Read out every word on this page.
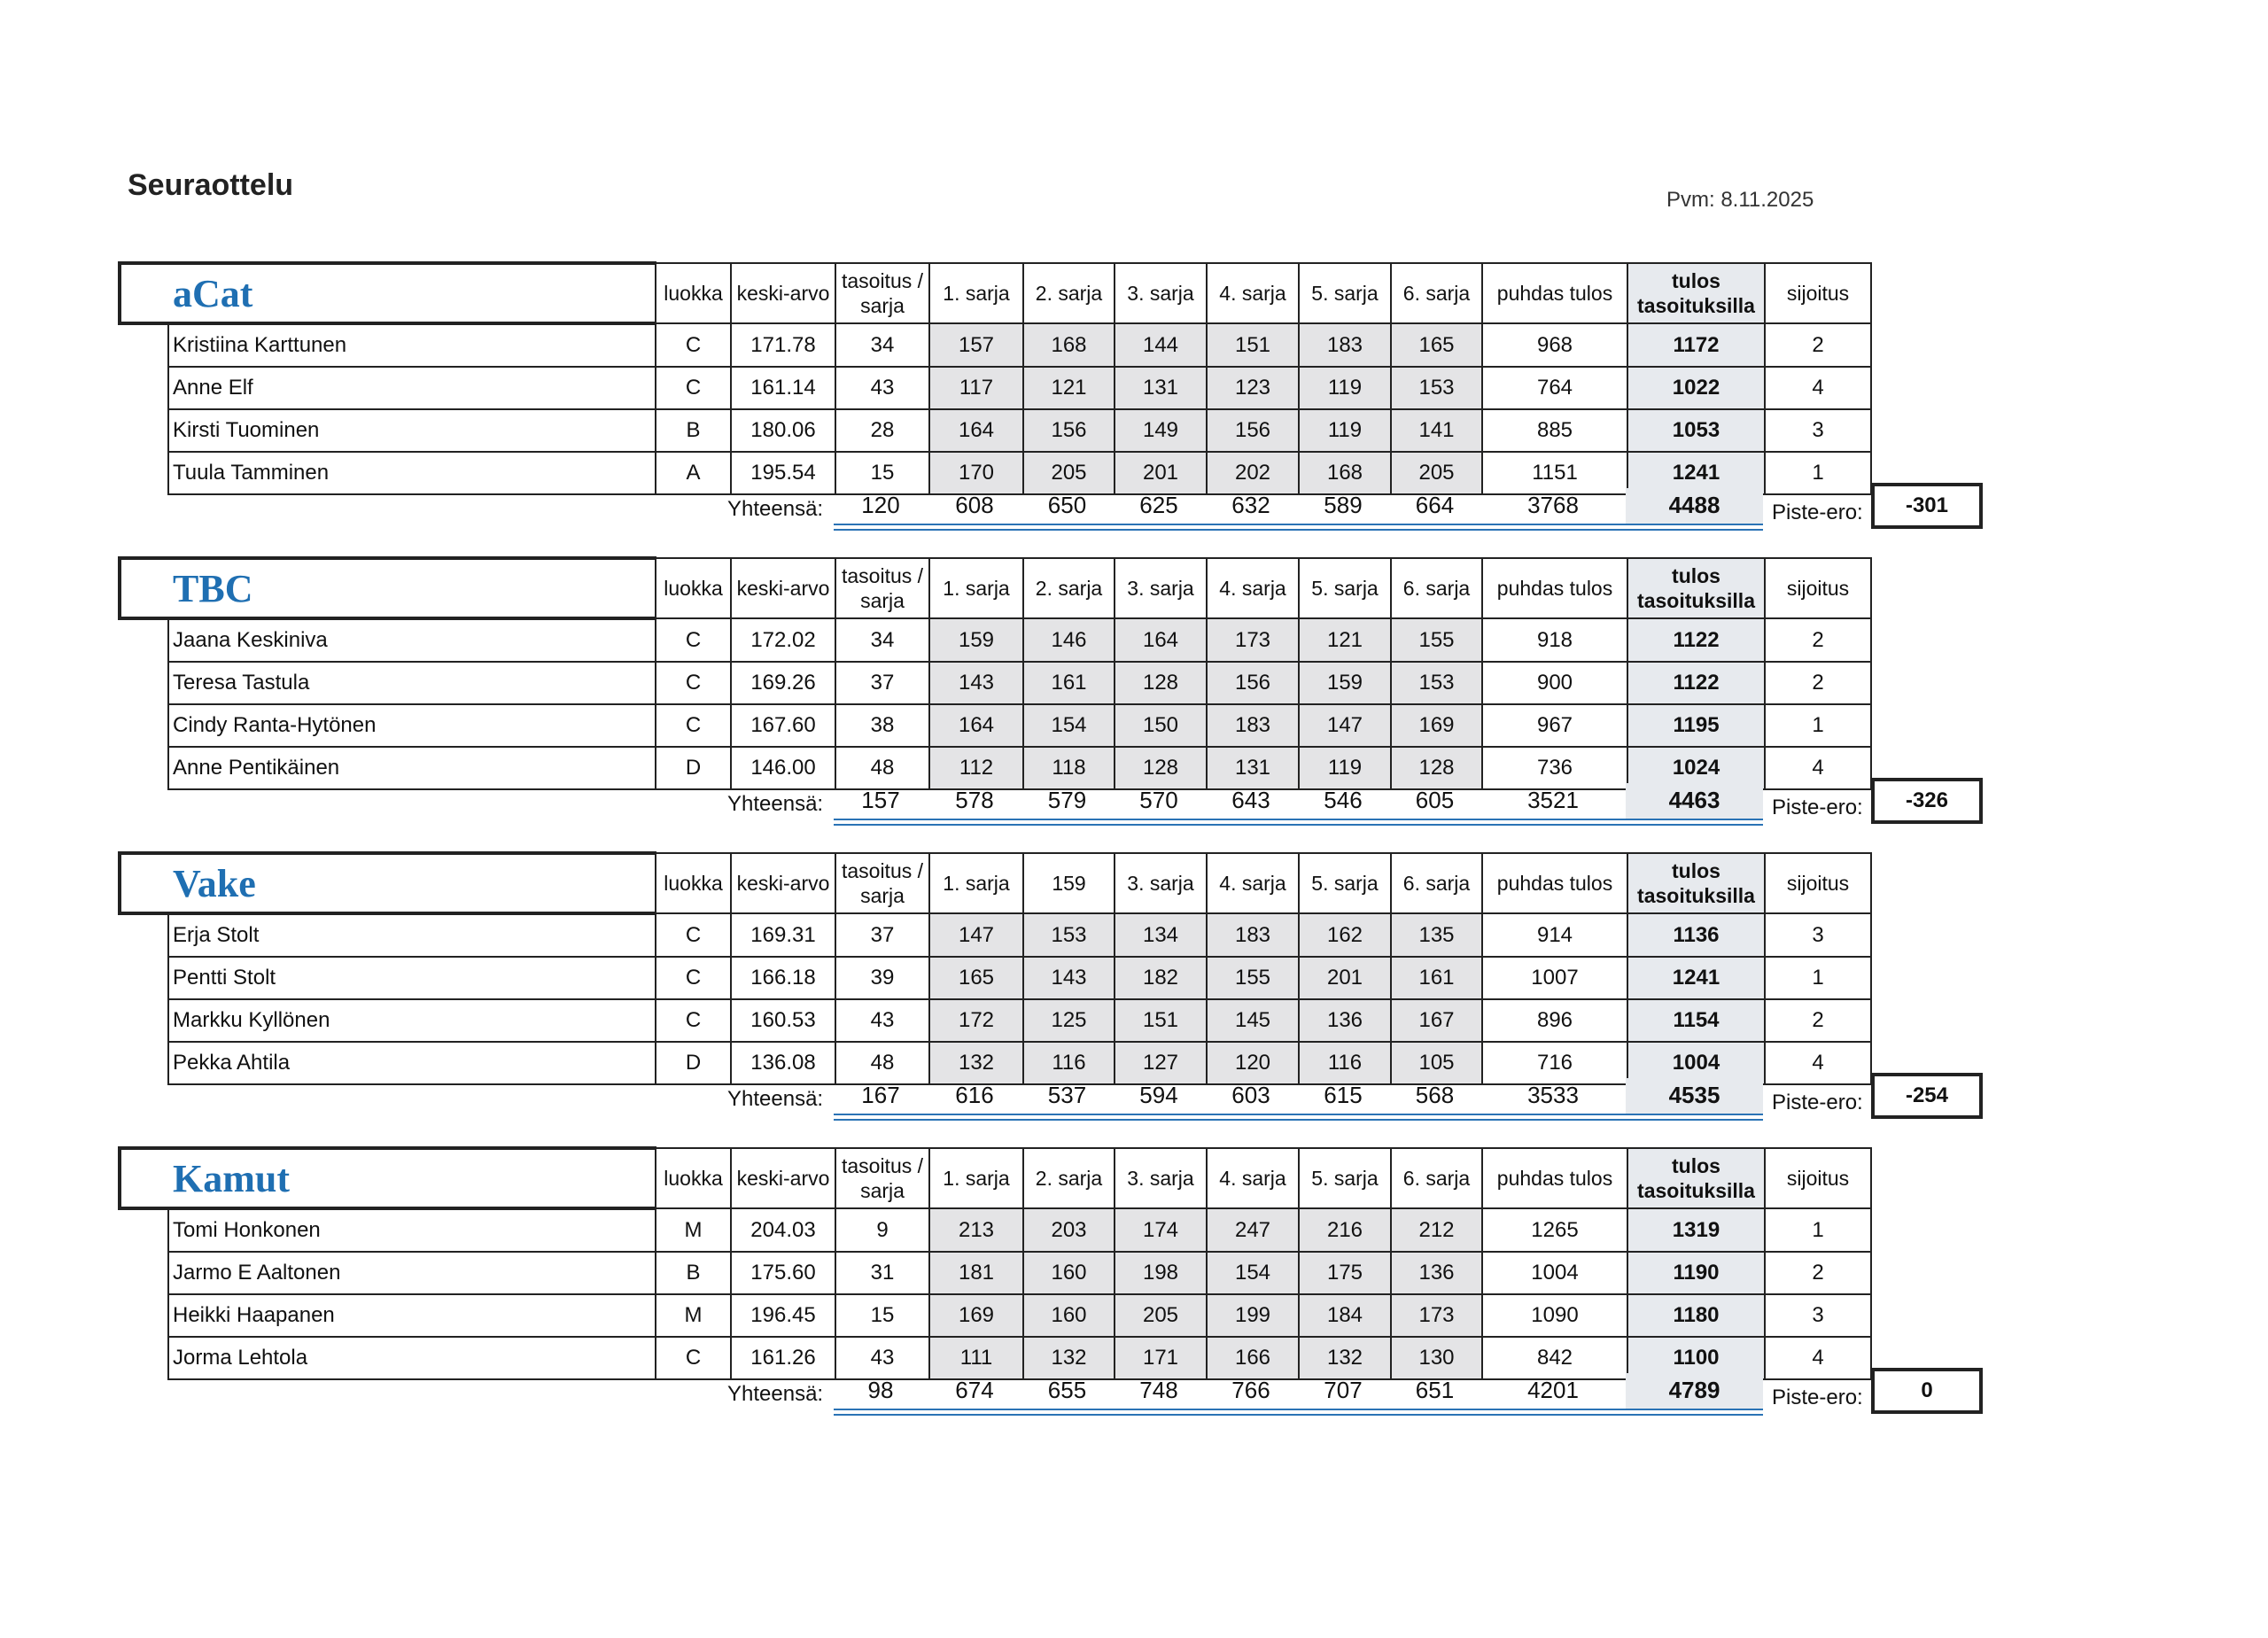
Seuraottelu	Pvm: 8.11.2025
aCat		luokka	keski-arvo	tasoitus / sarja	1. sarja	2. sarja	3. sarja	4. sarja	5. sarja	6. sarja	puhdas tulos	tulos tasoituksilla	sijoitus
	Kristiina Karttunen	C	171.78	34	157	168	144	151	183	165	968	1172	2
	Anne Elf	C	161.14	43	117	121	131	123	119	153	764	1022	4
	Kirsti Tuominen	B	180.06	28	164	156	149	156	119	141	885	1053	3
	Tuula Tamminen	A	195.54	15	170	205	201	202	168	205	1151	1241	1
Yhteensä:	120	608	650	625	632	589	664	3768	4488	Piste-ero:	-301
TBC		luokka	keski-arvo	tasoitus / sarja	1. sarja	2. sarja	3. sarja	4. sarja	5. sarja	6. sarja	puhdas tulos	tulos tasoituksilla	sijoitus
	Jaana Keskiniva	C	172.02	34	159	146	164	173	121	155	918	1122	2
	Teresa Tastula	C	169.26	37	143	161	128	156	159	153	900	1122	2
	Cindy Ranta-Hytönen	C	167.60	38	164	154	150	183	147	169	967	1195	1
	Anne Pentikäinen	D	146.00	48	112	118	128	131	119	128	736	1024	4
Yhteensä:	157	578	579	570	643	546	605	3521	4463	Piste-ero:	-326
Vake		luokka	keski-arvo	tasoitus / sarja	1. sarja	159	3. sarja	4. sarja	5. sarja	6. sarja	puhdas tulos	tulos tasoituksilla	sijoitus
	Erja Stolt	C	169.31	37	147	153	134	183	162	135	914	1136	3
	Pentti Stolt	C	166.18	39	165	143	182	155	201	161	1007	1241	1
	Markku Kyllönen	C	160.53	43	172	125	151	145	136	167	896	1154	2
	Pekka Ahtila	D	136.08	48	132	116	127	120	116	105	716	1004	4
Yhteensä:	167	616	537	594	603	615	568	3533	4535	Piste-ero:	-254
Kamut		luokka	keski-arvo	tasoitus / sarja	1. sarja	2. sarja	3. sarja	4. sarja	5. sarja	6. sarja	puhdas tulos	tulos tasoituksilla	sijoitus
	Tomi Honkonen	M	204.03	9	213	203	174	247	216	212	1265	1319	1
	Jarmo E Aaltonen	B	175.60	31	181	160	198	154	175	136	1004	1190	2
	Heikki Haapanen	M	196.45	15	169	160	205	199	184	173	1090	1180	3
	Jorma Lehtola	C	161.26	43	111	132	171	166	132	130	842	1100	4
Yhteensä:	98	674	655	748	766	707	651	4201	4789	Piste-ero:	0
